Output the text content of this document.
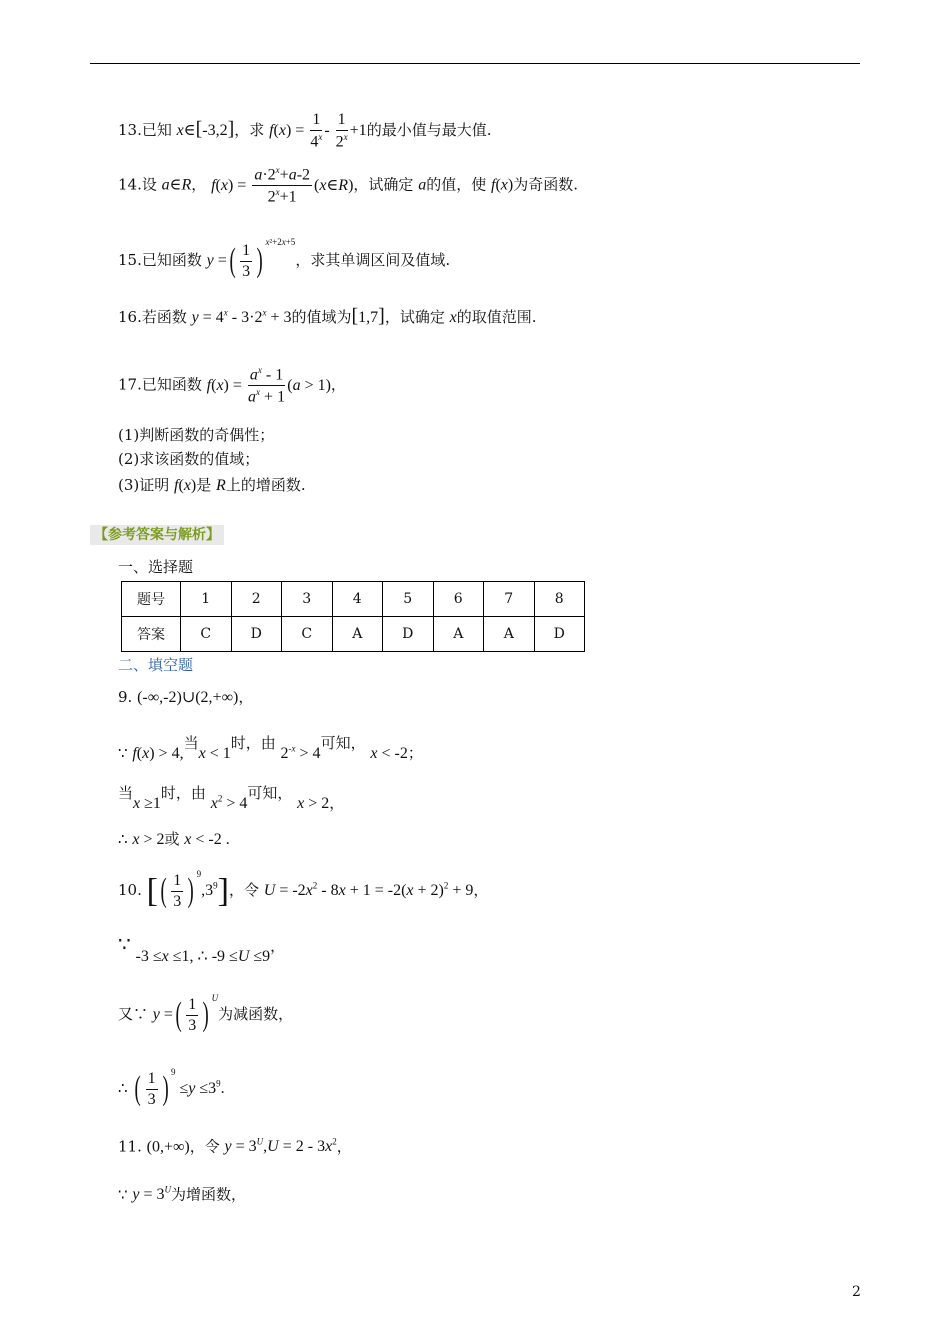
13.已知 x∈[-3,2]，求 $f(x) = \frac{1}{4^x} - \frac{1}{2^x} +1$的最小值与最大值.
14.设 a∈R， $f(x) = \frac{a\cdot 2^x+a-2}{2^x+1}$ (x∈R)，试确定 a的值，使 f(x)为奇函数.
15.已知函数 y =( $\frac{1}{3} )^{x^2+2x+5}$，求其单调区间及值域.
16.若函数 $y = 4^x - 3\cdot 2^x + 3$的值域为[1,7]，试确定 x的取值范围.
17.已知函数 $f(x) = \frac{a^x - 1}{a^x + 1} (a > 1)$，
(1)判断函数的奇偶性；
(2)求该函数的值域；
(3)证明 f(x)是 R上的增函数.
【参考答案与解析】
一、选择题
题号	1	2	3	4	5	6	7	8
答案	C	D	C	A	D	A	A	D
二、填空题
9. (-∞,-2)∪(2,+∞)，
∵ f(x) > 4,当x < 1时，由 $2^{-x} > 4$可知， x < -2；
当x ≥1时，由 $x^2 > 4$可知， x > 2，
∴ x > 2或 x < -2 .
10. [( $\frac{1}{3}$ ) $^9,3^9$]，令 $U = -2x^2 - 8x + 1 = -2(x + 2)^2 + 9$，
∵ -3 ≤x ≤1, ∴ -9 ≤U ≤9，
又∵ y =( $\frac{1}{3}$ ) $^U$为减函数，
∴ ( $\frac{1}{3}$ ) $^9 \le y \le 3^9$.
11. (0,+∞)，令 $y = 3^U,U = 2 - 3x^2$，
∵ $y = 3^U$为增函数，
2
